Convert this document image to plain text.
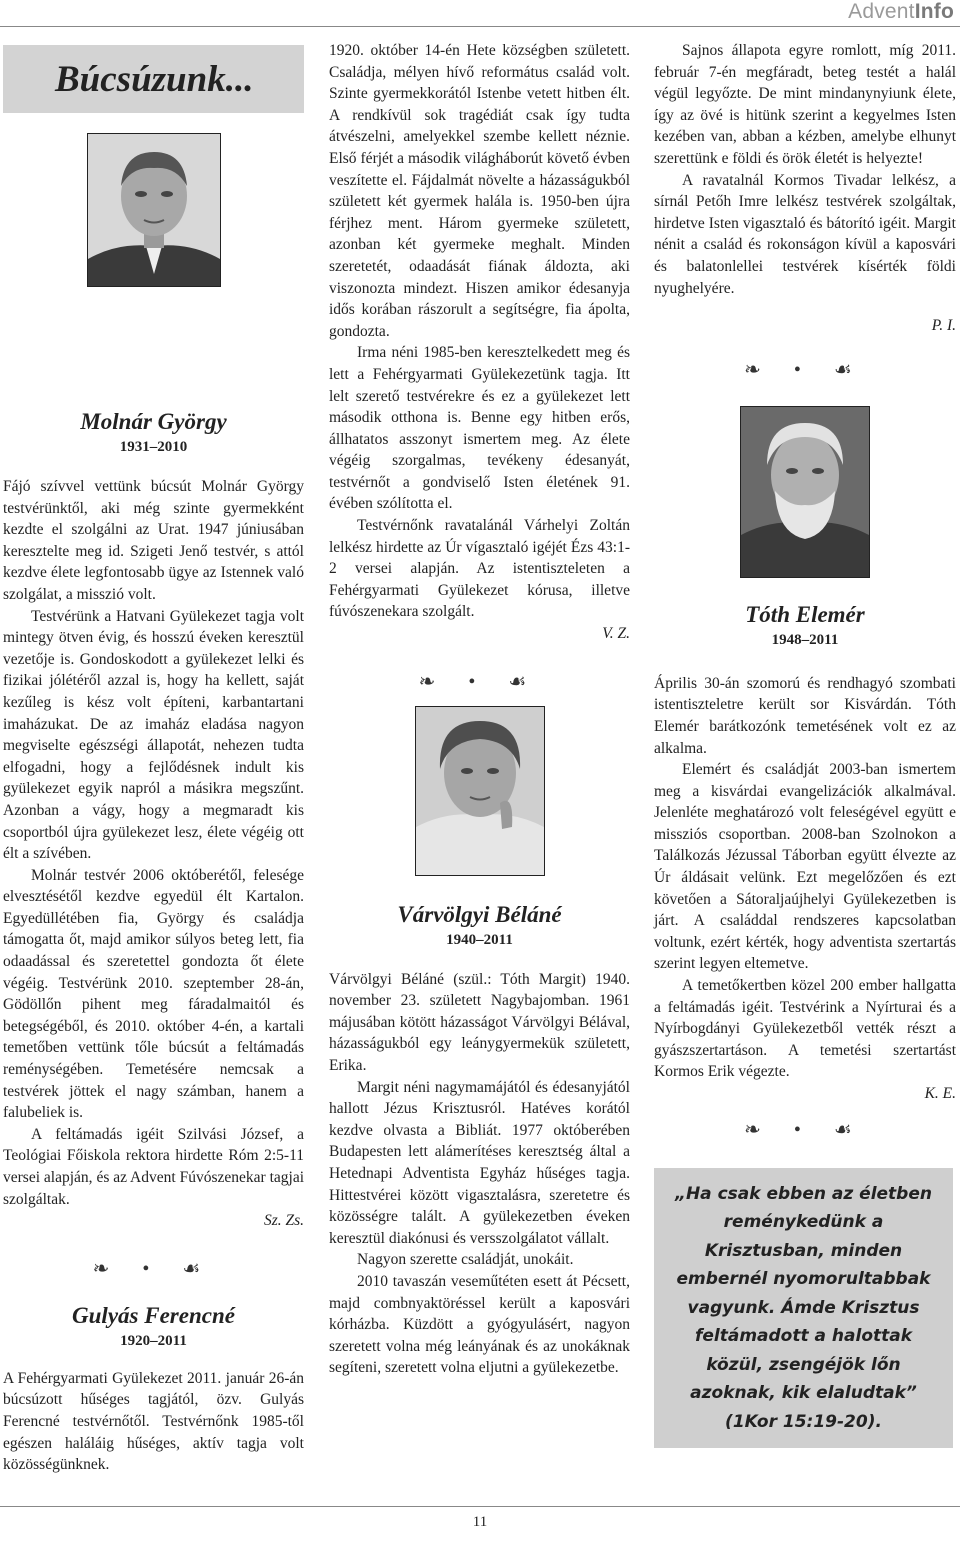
AdventInfo
Búcsúzunk...
Molnár György
1931–2010

Fájó szívvel vettünk búcsút Molnár György testvérünktől, aki még szinte gyermekként kezdte el szolgálni az Urat. 1947 júniusában keresztelte meg id. Szigeti Jenő testvér, s attól kezdve élete legfontosabb ügye az Istennek való szolgálat, a misszió volt.

Testvérünk a Hatvani Gyülekezet tagja volt mintegy ötven évig, és hosszú éveken keresztül vezetője is. Gondoskodott a gyülekezet lelki és fizikai jólétéről azzal is, hogy ha kellett, saját kezűleg is kész volt építeni, karbantartani imaházukat. De az imaház eladása nagyon megviselte egészségi állapotát, nehezen tudta elfogadni, hogy a fejlődésnek indult kis gyülekezet egyik napról a másikra megszűnt. Azonban a vágy, hogy a megmaradt kis csoportból újra gyülekezet lesz, élete végéig ott élt a szívében.

Molnár testvér 2006 októberétől, felesége elvesztésétől kezdve egyedül élt Kartalon. Egyedüllétében fia, György és családja támogatta őt, majd amikor súlyos beteg lett, fia odaadással és szeretettel gondozta őt élete végéig. Testvérünk 2010. szeptember 28-án, Gödöllőn pihent meg fáradalmaitól és betegségéből, és 2010. október 4-én, a kartali temetőben vettünk tőle búcsút a feltámadás reménységében. Temetésére nemcsak a testvérek jöttek el nagy számban, hanem a falubeliek is.

A feltámadás igéit Szilvási József, a Teológiai Főiskola rektora hirdette Róm 2:5-11 versei alapján, és az Advent Fúvószenekar tagjai szolgáltak.

Sz. Zs.

❧ • ☙
Gulyás Ferencné
1920–2011

A Fehérgyarmati Gyülekezet 2011. január 26-án búcsúzott hűséges tagjától, özv. Gulyás Ferencné testvérnőtől. Testvérnőnk 1985-től egészen haláláig hűséges, aktív tagja volt közösségünknek.

1920. október 14-én Hete községben született. Családja, mélyen hívő református család volt. Szinte gyermekkorától Istenbe vetett hitben élt. A rendkívül sok tragédiát csak így tudta átvészelni, amelyekkel szembe kellett néznie. Első férjét a második világháborút követő évben veszítette el. Fájdalmát növelte a házasságukból született két gyermek halála is. 1950-ben újra férjhez ment. Három gyermeke született, azonban két gyermeke meghalt. Minden szeretetét, odaadását fiának áldozta, aki viszonozta mindezt. Hiszen amikor édesanyja idős korában rászorult a segítségre, fia ápolta, gondozta.

Irma néni 1985-ben keresztelkedett meg és lett a Fehérgyarmati Gyülekezetünk tagja. Itt lelt szerető testvérekre és ez a gyülekezet lett második otthona is. Benne egy hitben erős, állhatatos asszonyt ismertem meg. Az élete végéig szorgalmas, tevékeny édesanyát, testvérnőt a gondviselő Isten életének 91. évében szólította el.

Testvérnőnk ravatalánál Várhelyi Zoltán lelkész hirdette az Úr vígasztaló igéjét Ézs 43:1-2 versei alapján. Az istentiszteleten a Fehérgyarmati Gyülekezet kórusa, illetve fúvószenekara szolgált.

V. Z.

❧ • ☙
Várvölgyi Béláné
1940–2011

Várvölgyi Béláné (szül.: Tóth Margit) 1940. november 23. született Nagybajomban. 1961 májusában kötött házasságot Várvölgyi Bélával, házasságukból egy leánygyermekük született, Erika.

Margit néni nagymamájától és édesanyjától hallott Jézus Krisztusról. Hatéves korától kezdve olvasta a Bibliát. 1977 októberében Budapesten lett alámerítéses keresztség által a Hetednapi Adventista Egyház hűséges tagja. Hittestvérei között vigasztalásra, szeretetre és közösségre talált. A gyülekezetben éveken keresztül diakónusi és versszolgálatot vállalt.

Nagyon szerette családját, unokáit.

2010 tavaszán veseműtéten esett át Pécsett, majd combnyaktöréssel került a kaposvári kórházba. Küzdött a gyógyulásért, nagyon szeretett volna még leányának és az unokáknak segíteni, szeretett volna eljutni a gyülekezetbe.

Sajnos állapota egyre romlott, míg 2011. február 7-én megfáradt, beteg testét a halál végül legyőzte. De mint mindanynyiunk élete, így az övé is hitünk szerint a kegyelmes Isten kezében van, abban a kézben, amelybe elhunyt szerettünk e földi és örök életét is helyezte!

A ravatalnál Kormos Tivadar lelkész, a sírnál Petőh Imre lelkész testvérek szolgáltak, hirdetve Isten vigasztaló és bátorító igéit. Margit nénit a család és rokonságon kívül a kaposvári és balatonlellei testvérek kísérték földi nyughelyére.

P. I.

❧ • ☙
Tóth Elemér
1948–2011

Április 30-án szomorú és rendhagyó szombati istentiszteletre került sor Kisvárdán. Tóth Elemér barátkozónk temetésének volt ez az alkalma.

Elemért és családját 2003-ban ismertem meg a kisvárdai evangelizációk alkalmával. Jelenléte meghatározó volt feleségével együtt e missziós csoportban. 2008-ban Szolnokon a Találkozás Jézussal Táborban együtt élvezte az Úr áldásait velünk. Ezt megelőzően és ezt követően a Sátoraljaújhelyi Gyülekezetben is járt. A családdal rendszeres kapcsolatban voltunk, ezért kérték, hogy adventista szertartás szerint legyen eltemetve.

A temetőkertben közel 200 ember hallgatta a feltámadás igéit. Testvérink a Nyírturai és a Nyírbogdányi Gyülekezetből vették részt a gyászszertartáson. A temetési szertartást Kormos Erik végezte.

K. E.

❧ • ☙
„Ha csak ebben az életben reménykedünk a Krisztusban, minden embernél nyomorultabbak vagyunk. Ámde Krisztus feltámadott a halottak közül, zsengéjök lőn azoknak, kik elaludtak” (1Kor 15:19-20).
11
